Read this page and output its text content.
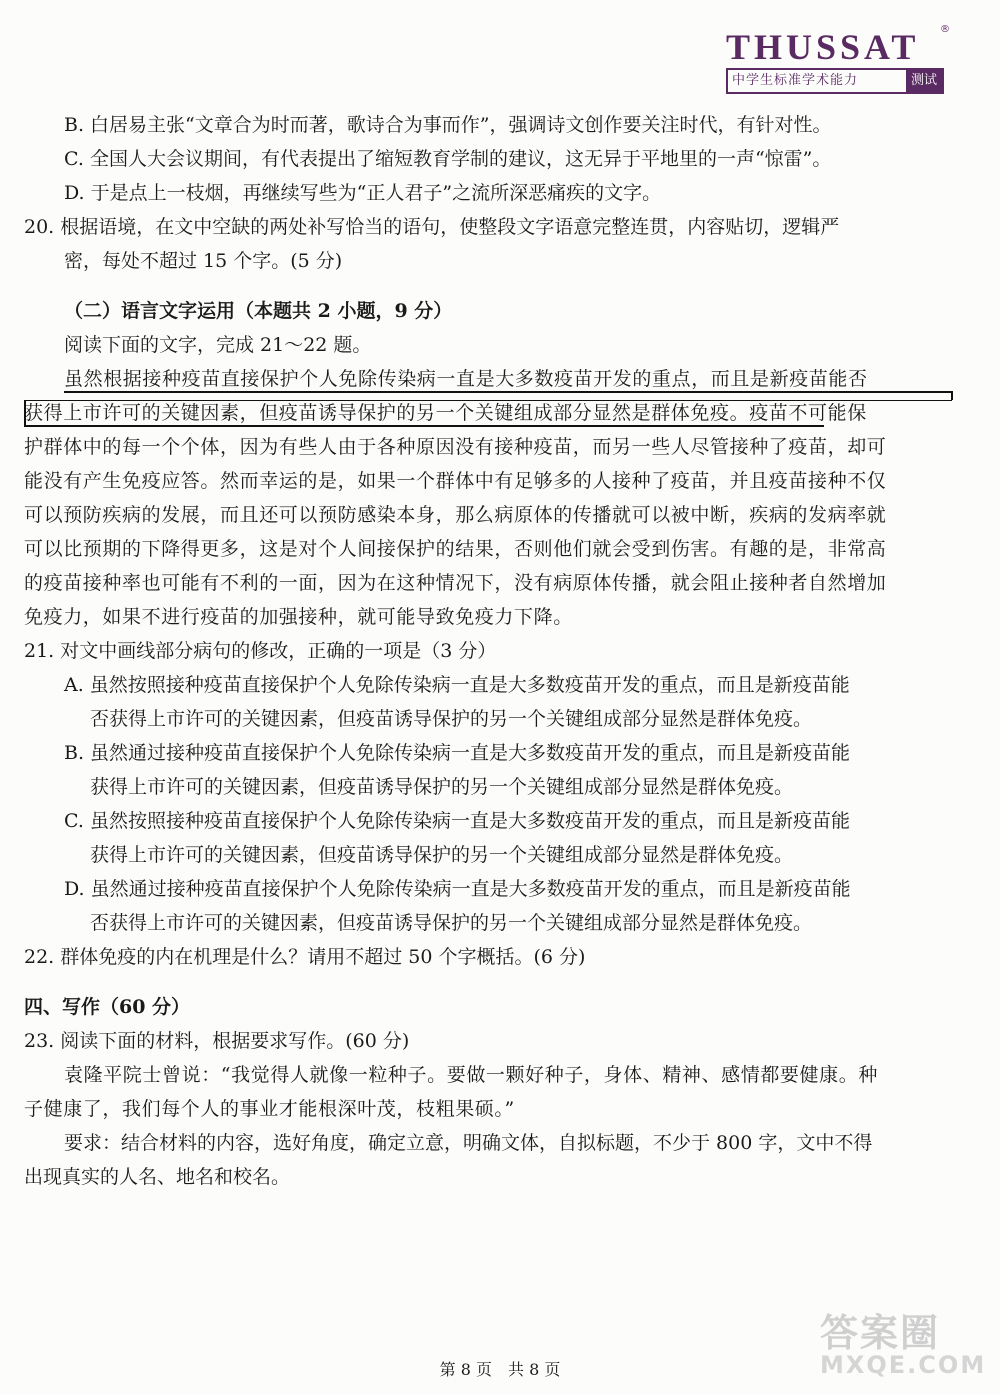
THUSSAT	®
中学生标准学术能力	测试
B. 白居易主张“文章合为时而著，歌诗合为事而作”，强调诗文创作要关注时代，有针对性。
C. 全国人大会议期间，有代表提出了缩短教育学制的建议，这无异于平地里的一声“惊雷”。
D. 于是点上一枝烟，再继续写些为“正人君子”之流所深恶痛疾的文字。
20. 根据语境，在文中空缺的两处补写恰当的语句，使整段文字语意完整连贯，内容贴切，逻辑严
密，每处不超过 15 个字。(5 分)
（二）语言文字运用（本题共 2 小题，9 分）
阅读下面的文字，完成 21～22 题。
虽然根据接种疫苗直接保护个人免除传染病一直是大多数疫苗开发的重点，而且是新疫苗能否
获得上市许可的关键因素，但疫苗诱导保护的另一个关键组成部分显然是群体免疫。疫苗不可能保
护群体中的每一个个体，因为有些人由于各种原因没有接种疫苗，而另一些人尽管接种了疫苗，却可
能没有产生免疫应答。然而幸运的是，如果一个群体中有足够多的人接种了疫苗，并且疫苗接种不仅
可以预防疾病的发展，而且还可以预防感染本身，那么病原体的传播就可以被中断，疾病的发病率就
可以比预期的下降得更多，这是对个人间接保护的结果，否则他们就会受到伤害。有趣的是，非常高
的疫苗接种率也可能有不利的一面，因为在这种情况下，没有病原体传播，就会阻止接种者自然增加
免疫力，如果不进行疫苗的加强接种，就可能导致免疫力下降。
21. 对文中画线部分病句的修改，正确的一项是（3 分）
A. 虽然按照接种疫苗直接保护个人免除传染病一直是大多数疫苗开发的重点，而且是新疫苗能
否获得上市许可的关键因素，但疫苗诱导保护的另一个关键组成部分显然是群体免疫。
B. 虽然通过接种疫苗直接保护个人免除传染病一直是大多数疫苗开发的重点，而且是新疫苗能
获得上市许可的关键因素，但疫苗诱导保护的另一个关键组成部分显然是群体免疫。
C. 虽然按照接种疫苗直接保护个人免除传染病一直是大多数疫苗开发的重点，而且是新疫苗能
获得上市许可的关键因素，但疫苗诱导保护的另一个关键组成部分显然是群体免疫。
D. 虽然通过接种疫苗直接保护个人免除传染病一直是大多数疫苗开发的重点，而且是新疫苗能
否获得上市许可的关键因素，但疫苗诱导保护的另一个关键组成部分显然是群体免疫。
22. 群体免疫的内在机理是什么？请用不超过 50 个字概括。(6 分)
四、写作（60 分）
23. 阅读下面的材料，根据要求写作。(60 分)
袁隆平院士曾说：“我觉得人就像一粒种子。要做一颗好种子，身体、精神、感情都要健康。种
子健康了，我们每个人的事业才能根深叶茂，枝粗果硕。”
要求：结合材料的内容，选好角度，确定立意，明确文体，自拟标题，不少于 800 字，文中不得
出现真实的人名、地名和校名。
第 8 页　共 8 页
答案圈
MXQE.COM
